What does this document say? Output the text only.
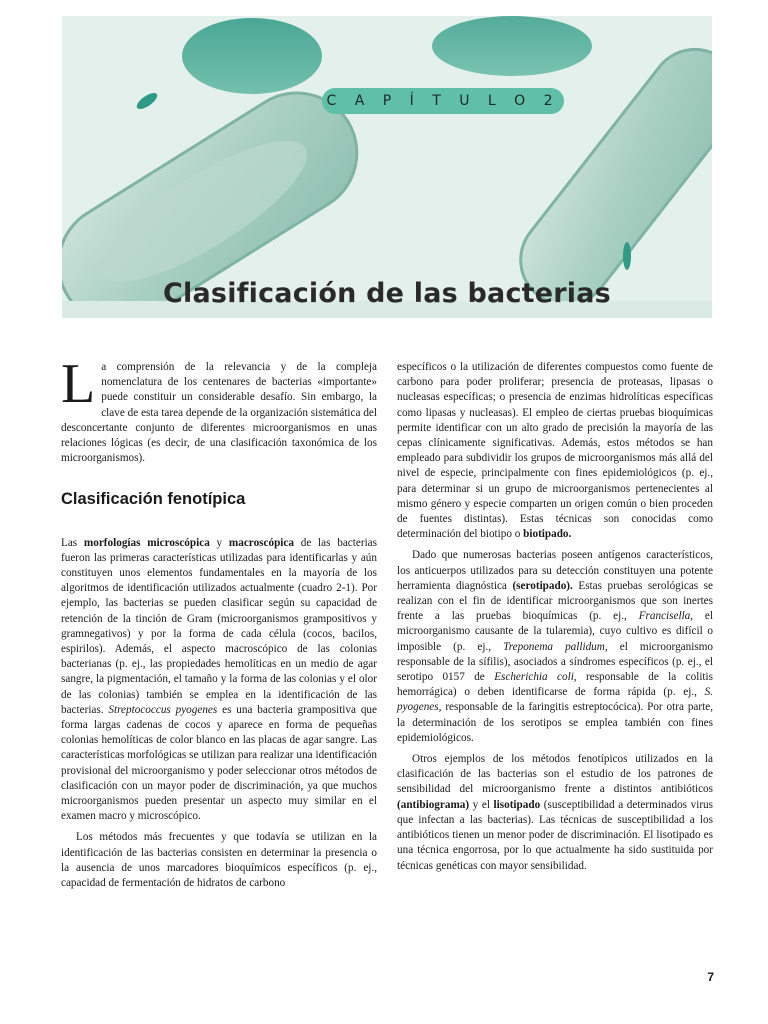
C A P Í T U L O 2
Clasificación de las bacterias

La comprensión de la relevancia y de la compleja nomenclatura de los centenares de bacterias «importante» puede constituir un considerable desafío. Sin embargo, la clave de esta tarea depende de la organización sistemática del desconcertante conjunto de diferentes microorganismos en unas relaciones lógicas (es decir, de una clasificación taxonómica de los microorganismos).

Clasificación fenotípica

Las morfologías microscópica y macroscópica de las bacterias fueron las primeras características utilizadas para identificarlas y aún constituyen unos elementos fundamentales en la mayoría de los algoritmos de identificación utilizados actualmente (cuadro 2-1). Por ejemplo, las bacterias se pueden clasificar según su capacidad de retención de la tinción de Gram (microorganismos grampositivos y gramnegativos) y por la forma de cada célula (cocos, bacilos, espirilos). Además, el aspecto macroscópico de las colonias bacterianas (p. ej., las propiedades hemolíticas en un medio de agar sangre, la pigmentación, el tamaño y la forma de las colonias y el olor de las colonias) también se emplea en la identificación de las bacterias. Streptococcus pyogenes es una bacteria grampositiva que forma largas cadenas de cocos y aparece en forma de pequeñas colonias hemolíticas de color blanco en las placas de agar sangre. Las características morfológicas se utilizan para realizar una identificación provisional del microorganismo y poder seleccionar otros métodos de clasificación con un mayor poder de discriminación, ya que muchos microorganismos pueden presentar un aspecto muy similar en el examen macro y microscópico.

Los métodos más frecuentes y que todavía se utilizan en la identificación de las bacterias consisten en determinar la presencia o la ausencia de unos marcadores bioquímicos específicos (p. ej., capacidad de fermentación de hidratos de carbono

específicos o la utilización de diferentes compuestos como fuente de carbono para poder proliferar; presencia de proteasas, lipasas o nucleasas específicas; o presencia de enzimas hidrolíticas específicas como lipasas y nucleasas). El empleo de ciertas pruebas bioquímicas permite identificar con un alto grado de precisión la mayoría de las cepas clínicamente significativas. Además, estos métodos se han empleado para subdividir los grupos de microorganismos más allá del nivel de especie, principalmente con fines epidemiológicos (p. ej., para determinar si un grupo de microorganismos pertenecientes al mismo género y especie comparten un origen común o bien proceden de fuentes distintas). Estas técnicas son conocidas como determinación del biotipo o biotipado.

Dado que numerosas bacterias poseen antígenos característicos, los anticuerpos utilizados para su detección constituyen una potente herramienta diagnóstica (serotipado). Estas pruebas serológicas se realizan con el fin de identificar microorganismos que son inertes frente a las pruebas bioquímicas (p. ej., Francisella, el microorganismo causante de la tularemia), cuyo cultivo es difícil o imposible (p. ej., Treponema pallidum, el microorganismo responsable de la sífilis), asociados a síndromes específicos (p. ej., el serotipo 0157 de Escherichia coli, responsable de la colitis hemorrágica) o deben identificarse de forma rápida (p. ej., S. pyogenes, responsable de la faringitis estreptocócica). Por otra parte, la determinación de los serotipos se emplea también con fines epidemiológicos.

Otros ejemplos de los métodos fenotípicos utilizados en la clasificación de las bacterias son el estudio de los patrones de sensibilidad del microorganismo frente a distintos antibióticos (antibiograma) y el lisotipado (susceptibilidad a determinados virus que infectan a las bacterias). Las técnicas de susceptibilidad a los antibióticos tienen un menor poder de discriminación. El lisotipado es una técnica engorrosa, por lo que actualmente ha sido sustituida por técnicas genéticas con mayor sensibilidad.

7
